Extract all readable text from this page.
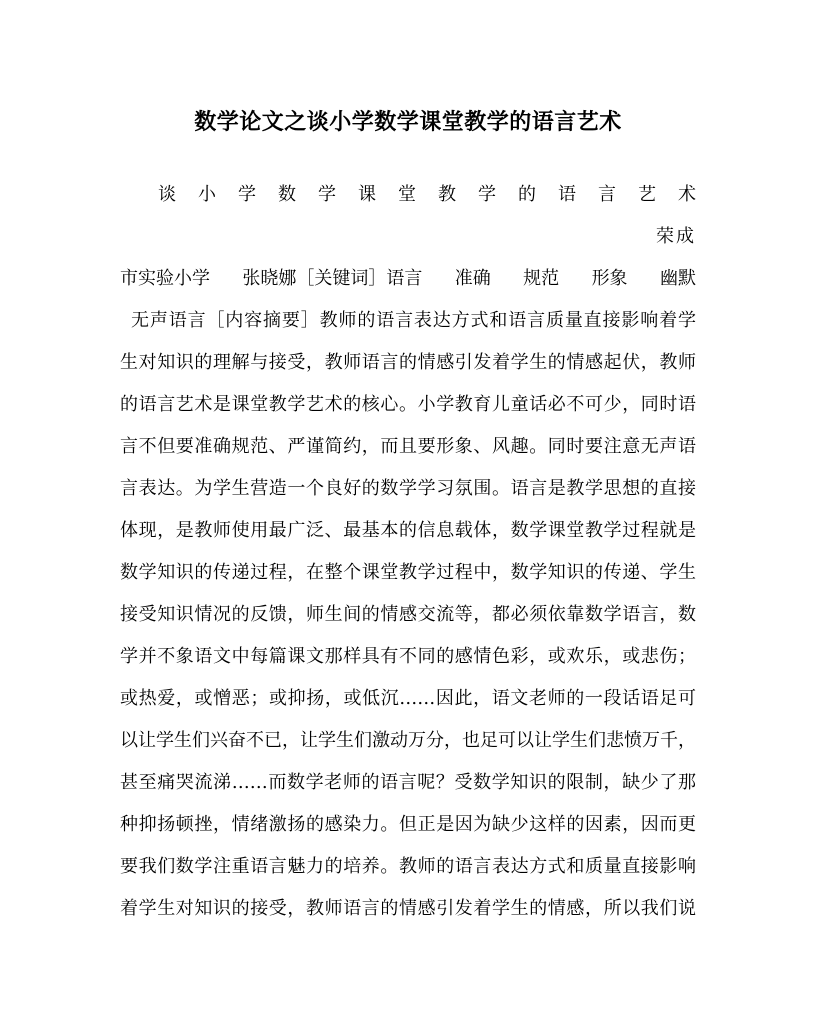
数学论文之谈小学数学课堂教学的语言艺术
谈 小 学 数 学 课 堂 教 学 的 语 言 艺 术
荣成
市实验小学 张晓娜［关键词］语言 准确 规范 形象 幽默
无声语言［内容摘要］教师的语言表达方式和语言质量直接影响着学
生对知识的理解与接受，教师语言的情感引发着学生的情感起伏，教师
的语言艺术是课堂教学艺术的核心。小学教育儿童话必不可少，同时语
言不但要准确规范、严谨简约，而且要形象、风趣。同时要注意无声语
言表达。为学生营造一个良好的数学学习氛围。语言是教学思想的直接
体现，是教师使用最广泛、最基本的信息载体，数学课堂教学过程就是
数学知识的传递过程，在整个课堂教学过程中，数学知识的传递、学生
接受知识情况的反馈，师生间的情感交流等，都必须依靠数学语言，数
学并不象语文中每篇课文那样具有不同的感情色彩，或欢乐，或悲伤；
或热爱，或憎恶；或抑扬，或低沉……因此，语文老师的一段话语足可
以让学生们兴奋不已，让学生们激动万分，也足可以让学生们悲愤万千，
甚至痛哭流涕……而数学老师的语言呢？受数学知识的限制，缺少了那
种抑扬顿挫，情绪激扬的感染力。但正是因为缺少这样的因素，因而更
要我们数学注重语言魅力的培养。教师的语言表达方式和质量直接影响
着学生对知识的接受，教师语言的情感引发着学生的情感，所以我们说
